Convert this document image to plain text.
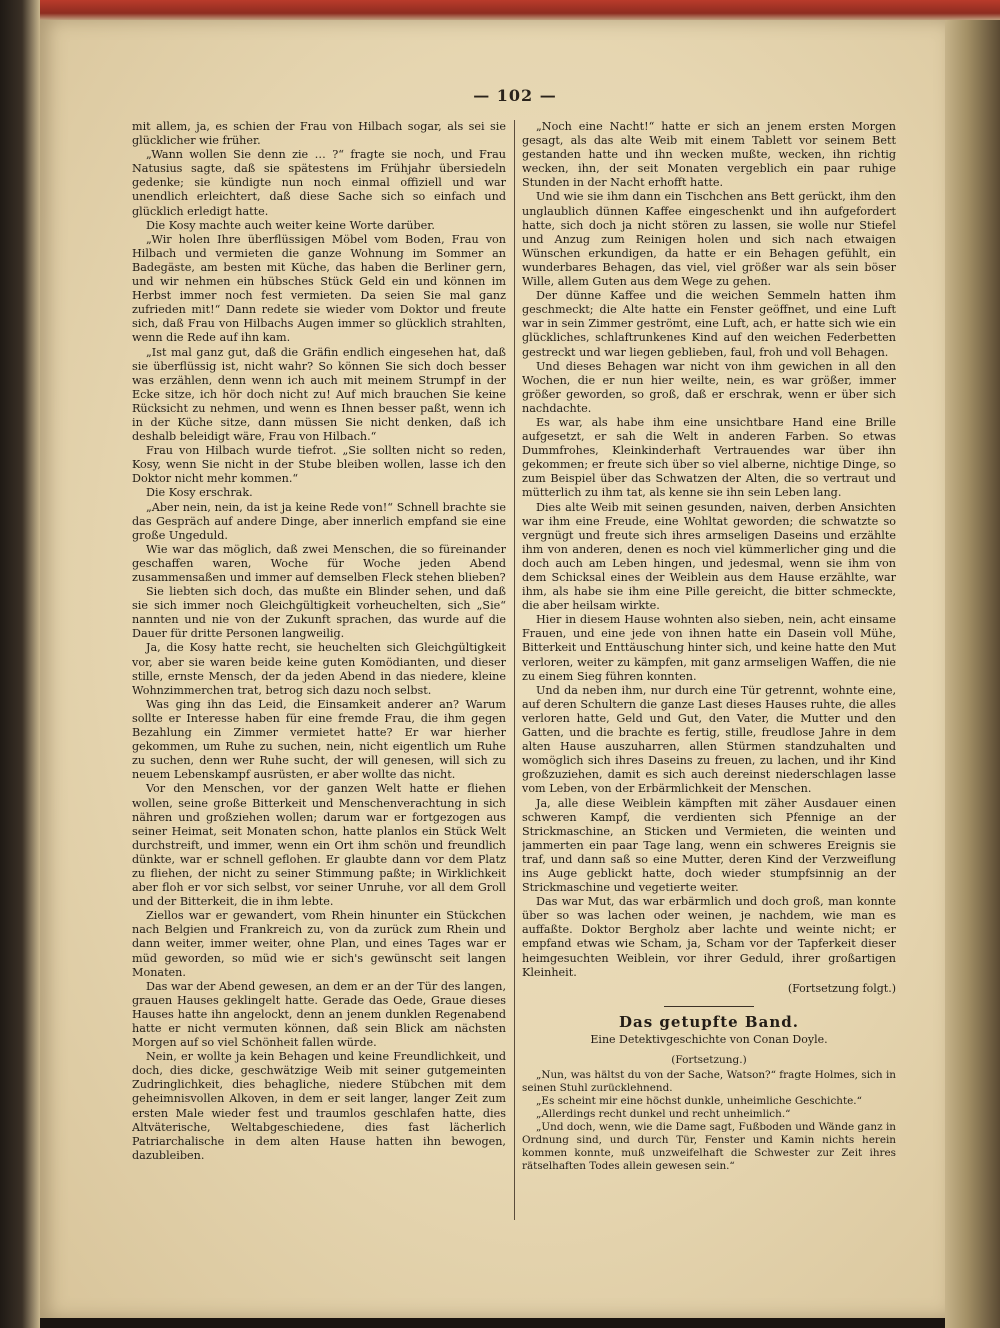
— 102 —

mit allem, ja, es schien der Frau von Hilbach sogar, als sei sie glücklicher wie früher.

„Wann wollen Sie denn zie … ?“ fragte sie noch, und Frau Natusius sagte, daß sie spätestens im Frühjahr übersiedeln gedenke; sie kündigte nun noch einmal offiziell und war unendlich erleichtert, daß diese Sache sich so einfach und glücklich erledigt hatte.

Die Kosy machte auch weiter keine Worte darüber.

„Wir holen Ihre überflüssigen Möbel vom Boden, Frau von Hilbach und vermieten die ganze Wohnung im Sommer an Badegäste, am besten mit Küche, das haben die Berliner gern, und wir nehmen ein hübsches Stück Geld ein und können im Herbst immer noch fest vermieten. Da seien Sie mal ganz zufrieden mit!“ Dann redete sie wieder vom Doktor und freute sich, daß Frau von Hilbachs Augen immer so glücklich strahlten, wenn die Rede auf ihn kam.

„Ist mal ganz gut, daß die Gräfin endlich eingesehen hat, daß sie überflüssig ist, nicht wahr? So können Sie sich doch besser was erzählen, denn wenn ich auch mit meinem Strumpf in der Ecke sitze, ich hör doch nicht zu! Auf mich brauchen Sie keine Rücksicht zu nehmen, und wenn es Ihnen besser paßt, wenn ich in der Küche sitze, dann müssen Sie nicht denken, daß ich deshalb beleidigt wäre, Frau von Hilbach.“

Frau von Hilbach wurde tiefrot. „Sie sollten nicht so reden, Kosy, wenn Sie nicht in der Stube bleiben wollen, lasse ich den Doktor nicht mehr kommen.“

Die Kosy erschrak.

„Aber nein, nein, da ist ja keine Rede von!“ Schnell brachte sie das Gespräch auf andere Dinge, aber innerlich empfand sie eine große Ungeduld.

Wie war das möglich, daß zwei Menschen, die so füreinander geschaffen waren, Woche für Woche jeden Abend zusammensaßen und immer auf demselben Fleck stehen blieben?

Sie liebten sich doch, das mußte ein Blinder sehen, und daß sie sich immer noch Gleichgültigkeit vorheuchelten, sich „Sie“ nannten und nie von der Zukunft sprachen, das wurde auf die Dauer für dritte Personen langweilig.

Ja, die Kosy hatte recht, sie heuchelten sich Gleichgültigkeit vor, aber sie waren beide keine guten Komödianten, und dieser stille, ernste Mensch, der da jeden Abend in das niedere, kleine Wohnzimmerchen trat, betrog sich dazu noch selbst.

Was ging ihn das Leid, die Einsamkeit anderer an? Warum sollte er Interesse haben für eine fremde Frau, die ihm gegen Bezahlung ein Zimmer vermietet hatte? Er war hierher gekommen, um Ruhe zu suchen, nein, nicht eigentlich um Ruhe zu suchen, denn wer Ruhe sucht, der will genesen, will sich zu neuem Lebenskampf ausrüsten, er aber wollte das nicht.

Vor den Menschen, vor der ganzen Welt hatte er fliehen wollen, seine große Bitterkeit und Menschenverachtung in sich nähren und großziehen wollen; darum war er fortgezogen aus seiner Heimat, seit Monaten schon, hatte planlos ein Stück Welt durchstreift, und immer, wenn ein Ort ihm schön und freundlich dünkte, war er schnell geflohen. Er glaubte dann vor dem Platz zu fliehen, der nicht zu seiner Stimmung paßte; in Wirklichkeit aber floh er vor sich selbst, vor seiner Unruhe, vor all dem Groll und der Bitterkeit, die in ihm lebte.

Ziellos war er gewandert, vom Rhein hinunter ein Stückchen nach Belgien und Frankreich zu, von da zurück zum Rhein und dann weiter, immer weiter, ohne Plan, und eines Tages war er müd geworden, so müd wie er sich's gewünscht seit langen Monaten.

Das war der Abend gewesen, an dem er an der Tür des langen, grauen Hauses geklingelt hatte. Gerade das Oede, Graue dieses Hauses hatte ihn angelockt, denn an jenem dunklen Regenabend hatte er nicht vermuten können, daß sein Blick am nächsten Morgen auf so viel Schönheit fallen würde.

Nein, er wollte ja kein Behagen und keine Freundlichkeit, und doch, dies dicke, geschwätzige Weib mit seiner gutgemeinten Zudringlichkeit, dies behagliche, niedere Stübchen mit dem geheimnisvollen Alkoven, in dem er seit langer, langer Zeit zum ersten Male wieder fest und traumlos geschlafen hatte, dies Altväterische, Weltabgeschiedene, dies fast lächerlich Patriarchalische in dem alten Hause hatten ihn bewogen, dazubleiben.

„Noch eine Nacht!“ hatte er sich an jenem ersten Morgen gesagt, als das alte Weib mit einem Tablett vor seinem Bett gestanden hatte und ihn wecken mußte, wecken, ihn richtig wecken, ihn, der seit Monaten vergeblich ein paar ruhige Stunden in der Nacht erhofft hatte.

Und wie sie ihm dann ein Tischchen ans Bett gerückt, ihm den unglaublich dünnen Kaffee eingeschenkt und ihn aufgefordert hatte, sich doch ja nicht stören zu lassen, sie wolle nur Stiefel und Anzug zum Reinigen holen und sich nach etwaigen Wünschen erkundigen, da hatte er ein Behagen gefühlt, ein wunderbares Behagen, das viel, viel größer war als sein böser Wille, allem Guten aus dem Wege zu gehen.

Der dünne Kaffee und die weichen Semmeln hatten ihm geschmeckt; die Alte hatte ein Fenster geöffnet, und eine Luft war in sein Zimmer geströmt, eine Luft, ach, er hatte sich wie ein glückliches, schlaftrunkenes Kind auf den weichen Federbetten gestreckt und war liegen geblieben, faul, froh und voll Behagen.

Und dieses Behagen war nicht von ihm gewichen in all den Wochen, die er nun hier weilte, nein, es war größer, immer größer geworden, so groß, daß er erschrak, wenn er über sich nachdachte.

Es war, als habe ihm eine unsichtbare Hand eine Brille aufgesetzt, er sah die Welt in anderen Farben. So etwas Dummfrohes, Kleinkinderhaft Vertrauendes war über ihn gekommen; er freute sich über so viel alberne, nichtige Dinge, so zum Beispiel über das Schwatzen der Alten, die so vertraut und mütterlich zu ihm tat, als kenne sie ihn sein Leben lang.

Dies alte Weib mit seinen gesunden, naiven, derben Ansichten war ihm eine Freude, eine Wohltat geworden; die schwatzte so vergnügt und freute sich ihres armseligen Daseins und erzählte ihm von anderen, denen es noch viel kümmerlicher ging und die doch auch am Leben hingen, und jedesmal, wenn sie ihm von dem Schicksal eines der Weiblein aus dem Hause erzählte, war ihm, als habe sie ihm eine Pille gereicht, die bitter schmeckte, die aber heilsam wirkte.

Hier in diesem Hause wohnten also sieben, nein, acht einsame Frauen, und eine jede von ihnen hatte ein Dasein voll Mühe, Bitterkeit und Enttäuschung hinter sich, und keine hatte den Mut verloren, weiter zu kämpfen, mit ganz armseligen Waffen, die nie zu einem Sieg führen konnten.

Und da neben ihm, nur durch eine Tür getrennt, wohnte eine, auf deren Schultern die ganze Last dieses Hauses ruhte, die alles verloren hatte, Geld und Gut, den Vater, die Mutter und den Gatten, und die brachte es fertig, stille, freudlose Jahre in dem alten Hause auszuharren, allen Stürmen standzuhalten und womöglich sich ihres Daseins zu freuen, zu lachen, und ihr Kind großzuziehen, damit es sich auch dereinst niederschlagen lasse vom Leben, von der Erbärmlichkeit der Menschen.

Ja, alle diese Weiblein kämpften mit zäher Ausdauer einen schweren Kampf, die verdienten sich Pfennige an der Strickmaschine, an Sticken und Vermieten, die weinten und jammerten ein paar Tage lang, wenn ein schweres Ereignis sie traf, und dann saß so eine Mutter, deren Kind der Verzweiflung ins Auge geblickt hatte, doch wieder stumpfsinnig an der Strickmaschine und vegetierte weiter.

Das war Mut, das war erbärmlich und doch groß, man konnte über so was lachen oder weinen, je nachdem, wie man es auffaßte. Doktor Bergholz aber lachte und weinte nicht; er empfand etwas wie Scham, ja, Scham vor der Tapferkeit dieser heimgesuchten Weiblein, vor ihrer Geduld, ihrer großartigen Kleinheit.

(Fortsetzung folgt.)
Das getupfte Band.
Eine Detektivgeschichte von Conan Doyle.
(Fortsetzung.)

„Nun, was hältst du von der Sache, Watson?“ fragte Holmes, sich in seinen Stuhl zurücklehnend.

„Es scheint mir eine höchst dunkle, unheimliche Geschichte.“

„Allerdings recht dunkel und recht unheimlich.“

„Und doch, wenn, wie die Dame sagt, Fußboden und Wände ganz in Ordnung sind, und durch Tür, Fenster und Kamin nichts herein kommen konnte, muß unzweifelhaft die Schwester zur Zeit ihres rätselhaften Todes allein gewesen sein.“
